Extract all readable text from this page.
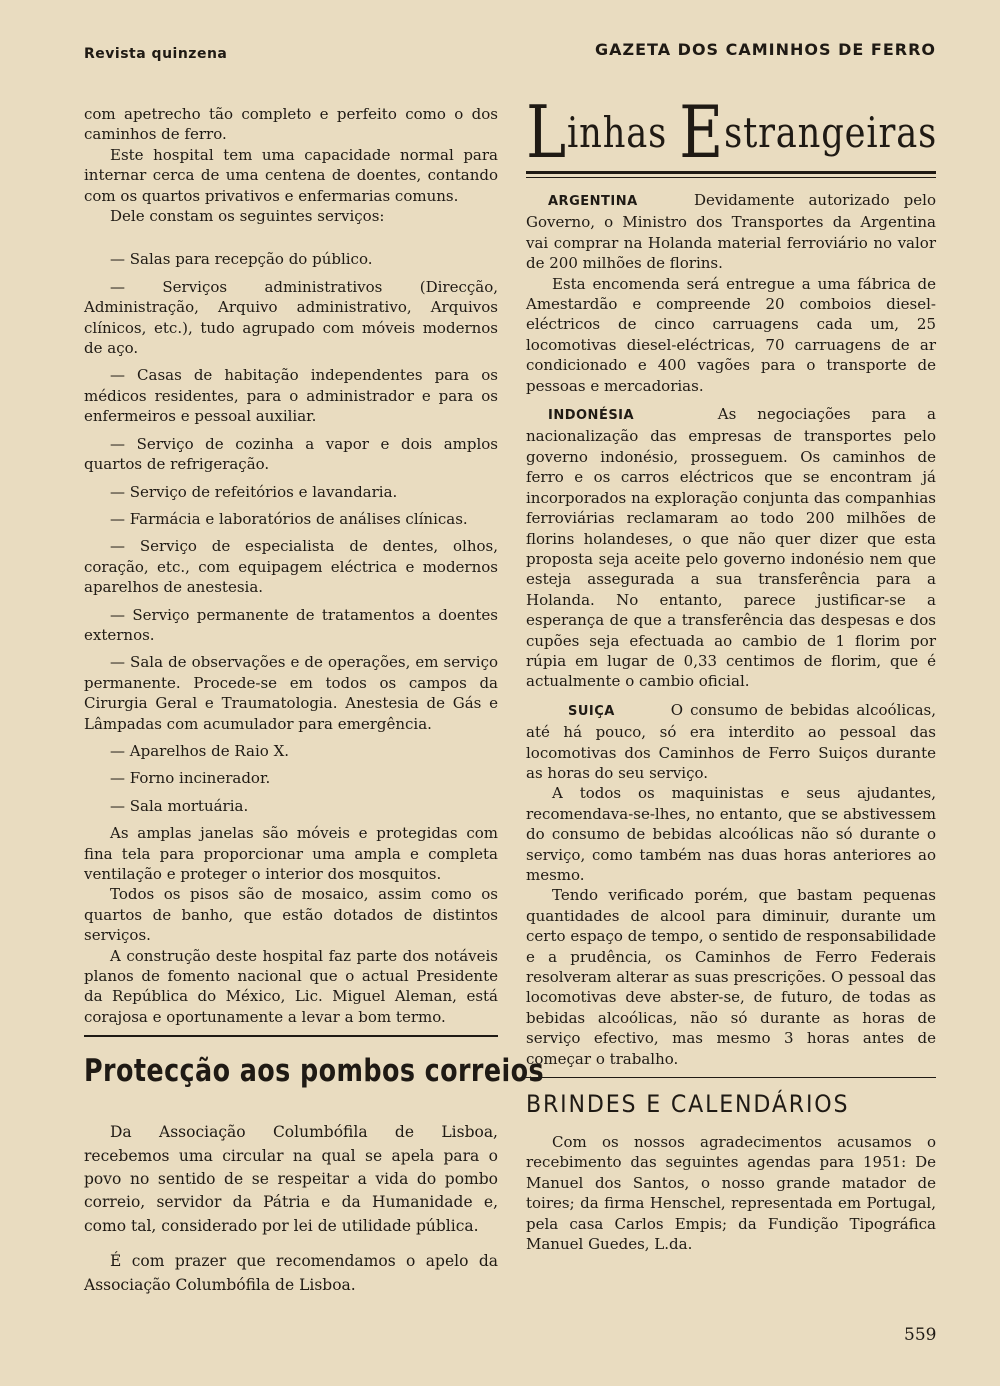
Revista quinzena	GAZETA DOS CAMINHOS DE FERRO

com apetrecho tão completo e perfeito como o dos caminhos de ferro.

Este hospital tem uma capacidade normal para internar cerca de uma centena de doentes, contando com os quartos privativos e enfermarias comuns.

Dele constam os seguintes serviços:

— Salas para recepção do público.

— Serviços administrativos (Direcção, Administração, Arquivo administrativo, Arquivos clínicos, etc.), tudo agrupado com móveis modernos de aço.

— Casas de habitação independentes para os médicos residentes, para o administrador e para os enfermeiros e pessoal auxiliar.

— Serviço de cozinha a vapor e dois amplos quartos de refrigeração.

— Serviço de refeitórios e lavandaria.

— Farmácia e laboratórios de análises clínicas.

— Serviço de especialista de dentes, olhos, coração, etc., com equipagem eléctrica e modernos aparelhos de anestesia.

— Serviço permanente de tratamentos a doentes externos.

— Sala de observações e de operações, em serviço permanente. Procede-se em todos os campos da Cirurgia Geral e Traumatologia. Anestesia de Gás e Lâmpadas com acumulador para emergência.

— Aparelhos de Raio X.

— Forno incinerador.

— Sala mortuária.

As amplas janelas são móveis e protegidas com fina tela para proporcionar uma ampla e completa ventilação e proteger o interior dos mosquitos.

Todos os pisos são de mosaico, assim como os quartos de banho, que estão dotados de distintos serviços.

A construção deste hospital faz parte dos notáveis planos de fomento nacional que o actual Presidente da República do México, Lic. Miguel Aleman, está corajosa e oportunamente a levar a bom termo.

Protecção aos pombos correios

Da Associação Columbófila de Lisboa, recebemos uma circular na qual se apela para o povo no sentido de se respeitar a vida do pombo correio, servidor da Pátria e da Humanidade e, como tal, considerado por lei de utilidade pública.

É com prazer que recomendamos o apelo da Associação Columbófila de Lisboa.

Linhas Estrangeiras

ARGENTINA	Devidamente autorizado pelo Governo, o Ministro dos Transportes da Argentina vai comprar na Holanda material ferroviário no valor de 200 milhões de florins.

Esta encomenda será entregue a uma fábrica de Amestardão e compreende 20 comboios diesel-eléctricos de cinco carruagens cada um, 25 locomotivas diesel-eléctricas, 70 carruagens de ar condicionado e 400 vagões para o transporte de pessoas e mercadorias.

INDONÉSIA	As negociações para a nacionalização das empresas de transportes pelo governo indonésio, prosseguem. Os caminhos de ferro e os carros eléctricos que se encontram já incorporados na exploração conjunta das companhias ferroviárias reclamaram ao todo 200 milhões de florins holandeses, o que não quer dizer que esta proposta seja aceite pelo governo indonésio nem que esteja assegurada a sua transferência para a Holanda. No entanto, parece justificar-se a esperança de que a transferência das despesas e dos cupões seja efectuada ao cambio de 1 florim por rúpia em lugar de 0,33 centimos de florim, que é actualmente o cambio oficial.

SUIÇA	O consumo de bebidas alcoólicas, até há pouco, só era interdito ao pessoal das locomotivas dos Caminhos de Ferro Suiços durante as horas do seu serviço.

A todos os maquinistas e seus ajudantes, recomendava-se-lhes, no entanto, que se abstivessem do consumo de bebidas alcoólicas não só durante o serviço, como também nas duas horas anteriores ao mesmo.

Tendo verificado porém, que bastam pequenas quantidades de alcool para diminuir, durante um certo espaço de tempo, o sentido de responsabilidade e a prudência, os Caminhos de Ferro Federais resolveram alterar as suas prescrições. O pessoal das locomotivas deve abster-se, de futuro, de todas as bebidas alcoólicas, não só durante as horas de serviço efectivo, mas mesmo 3 horas antes de começar o trabalho.

BRINDES E CALENDÁRIOS

Com os nossos agradecimentos acusamos o recebimento das seguintes agendas para 1951: De Manuel dos Santos, o nosso grande matador de toires; da firma Henschel, representada em Portugal, pela casa Carlos Empis; da Fundição Tipográfica Manuel Guedes, L.da.

559
